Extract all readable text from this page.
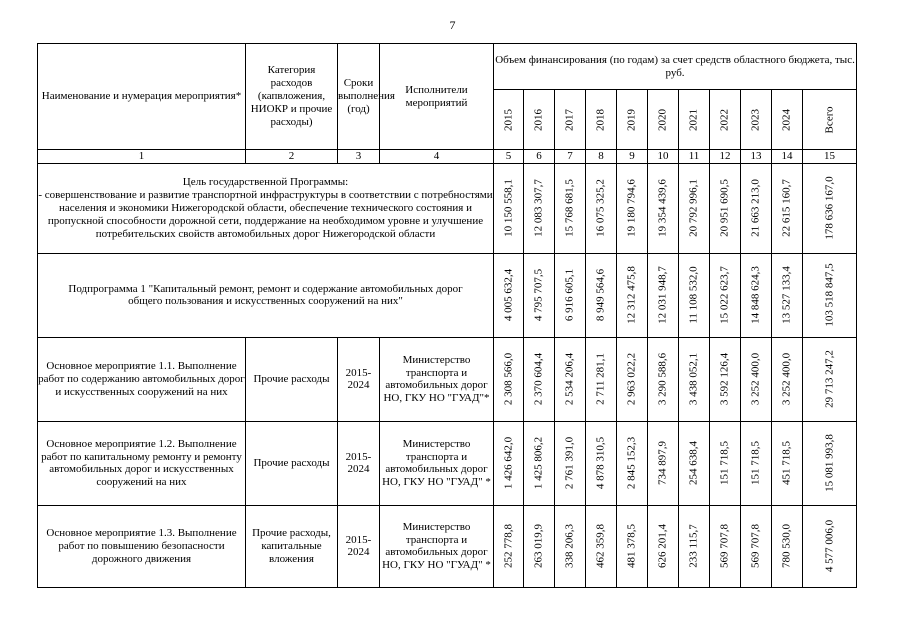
7
Наименование и нумерация мероприятия*	Категория расходов (капвложения, НИОКР и прочие расходы)	Сроки выполнения (год)	Исполнители мероприятий	Объем финансирования (по годам) за счет средств областного бюджета, тыс. руб.										

				2015	2016	2017	2018	2019	2020	2021	2022	2023	2024	Всего

1	2	3	4	5	6	7	8	9	10	11	12	13	14	15
Цель государственной Программы:
- совершенствование и развитие транспортной инфраструктуры в соответствии с потребностями населения и экономики Нижегородской области, обеспечение технического состояния и пропускной способности дорожной сети, поддержание на необходимом уровне и улучшение потребительских свойств автомобильных дорог Нижегородской области				10 150 558,1	12 083 307,7	15 768 681,5	16 075 325,2	19 180 794,6	19 354 439,6	20 792 996,1	20 951 690,5	21 663 213,0	22 615 160,7	178 636 167,0

Подпрограмма 1 "Капитальный ремонт, ремонт и содержание автомобильных дорог общего пользования и искусственных сооружений на них"				4 005 632,4	4 795 707,5	6 916 605,1	8 949 564,6	12 312 475,8	12 031 948,7	11 108 532,0	15 022 623,7	14 848 624,3	13 527 133,4	103 518 847,5

Основное мероприятие 1.1. Выполнение работ по содержанию автомобильных дорог и искусственных сооружений на них	Прочие расходы	2015-2024	Министерство транспорта и автомобильных дорог НО, ГКУ НО "ГУАД"*	2 308 566,0	2 370 604,4	2 534 206,4	2 711 281,1	2 963 022,2	3 290 588,6	3 438 052,1	3 592 126,4	3 252 400,0	3 252 400,0	29 713 247,2

Основное мероприятие 1.2. Выполнение работ по капитальному ремонту и ремонту автомобильных дорог и искусственных сооружений на них	Прочие расходы	2015-2024	Министерство транспорта и автомобильных дорог НО, ГКУ НО "ГУАД" *	1 426 642,0	1 425 806,2	2 761 391,0	4 878 310,5	2 845 152,3	734 897,9	254 638,4	151 718,5	151 718,5	451 718,5	15 081 993,8

Основное мероприятие 1.3. Выполнение работ по повышению безопасности дорожного движения	Прочие расходы, капитальные вложения	2015-2024	Министерство транспорта и автомобильных дорог НО, ГКУ НО "ГУАД" *	252 778,8	263 019,9	338 206,3	462 359,8	481 378,5	626 201,4	233 115,7	569 707,8	569 707,8	780 530,0	4 577 006,0
